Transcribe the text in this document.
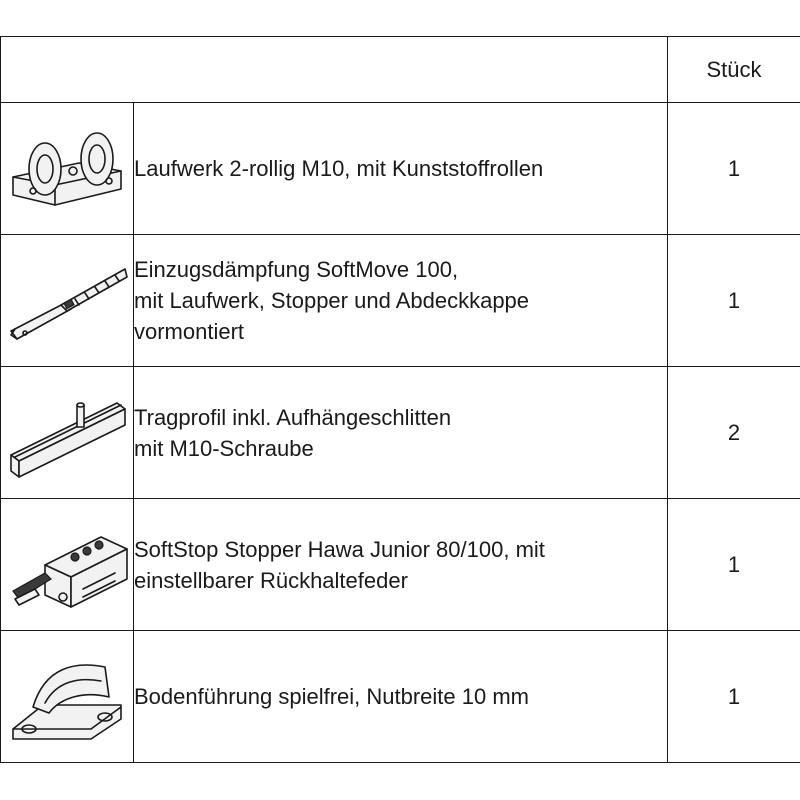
		Stück

Laufwerk 2-rollig M10, mit Kunststoffrollen	1

Einzugsdämpfung SoftMove 100,
mit Laufwerk, Stopper und Abdeckkappe
vormontiert	1

Tragprofil inkl. Aufhängeschlitten
mit M10-Schraube	2

SoftStop Stopper Hawa Junior 80/100, mit
einstellbarer Rückhaltefeder	1

Bodenführung spielfrei, Nutbreite 10 mm	1
